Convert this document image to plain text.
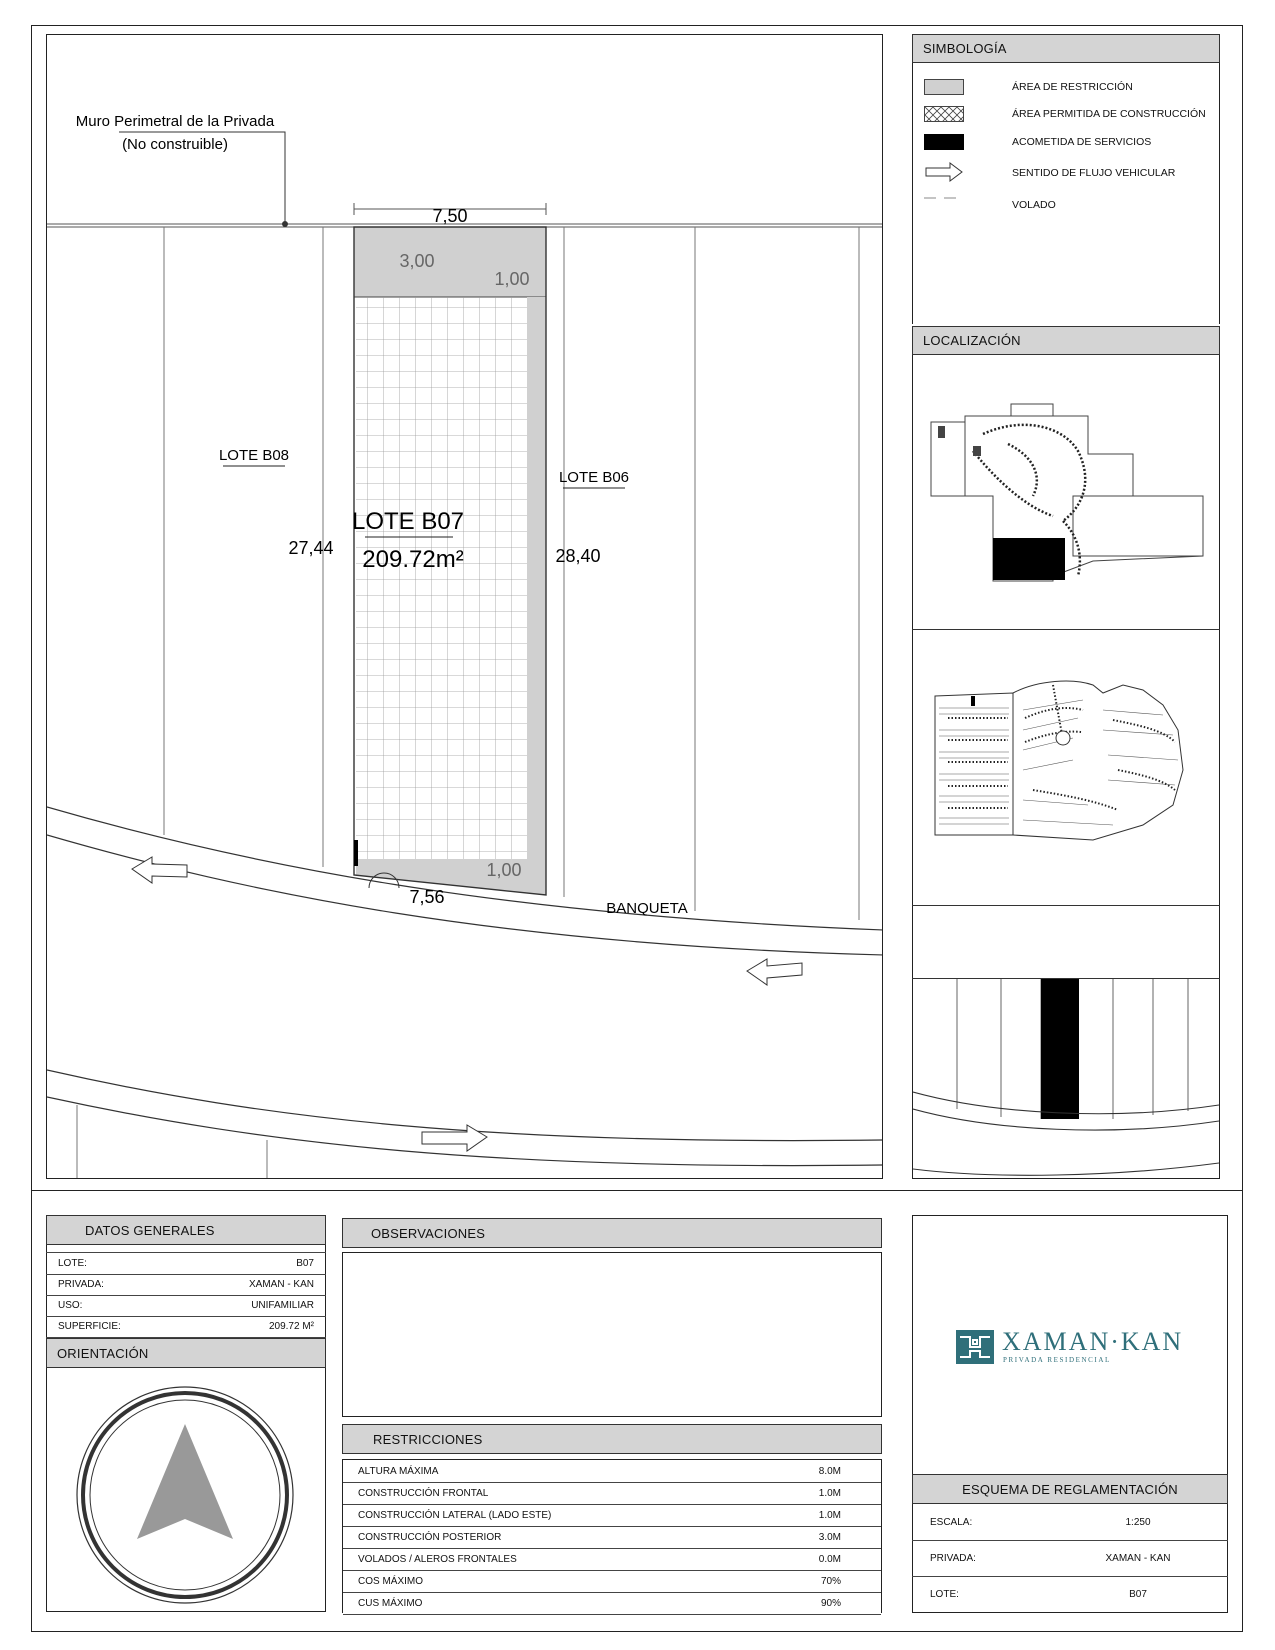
Muro Perimetral de la Privada
(No construible)
7,50
3,00
1,00
1,00
7,56
27,44	28,40
LOTE B08
LOTE B06
LOTE B07
209.72m²
BANQUETA
SIMBOLOGÍA
ÁREA DE RESTRICCIÓN
ÁREA PERMITIDA DE CONSTRUCCIÓN
ACOMETIDA DE SERVICIOS
SENTIDO DE FLUJO VEHICULAR
VOLADO
LOCALIZACIÓN
DATOS GENERALES
LOTE:	B07
PRIVADA:	XAMAN - KAN
USO:	UNIFAMILIAR
SUPERFICIE:	209.72 M²
ORIENTACIÓN
OBSERVACIONES
RESTRICCIONES
ALTURA MÁXIMA	8.0M
CONSTRUCCIÓN FRONTAL	1.0M
CONSTRUCCIÓN LATERAL (LADO ESTE)	1.0M
CONSTRUCCIÓN POSTERIOR	3.0M
VOLADOS / ALEROS FRONTALES	0.0M
COS MÁXIMO	70%
CUS MÁXIMO	90%
XAMAN·KAN
PRIVADA RESIDENCIAL
ESQUEMA DE REGLAMENTACIÓN
ESCALA:	1:250
PRIVADA:	XAMAN - KAN
LOTE:	B07
